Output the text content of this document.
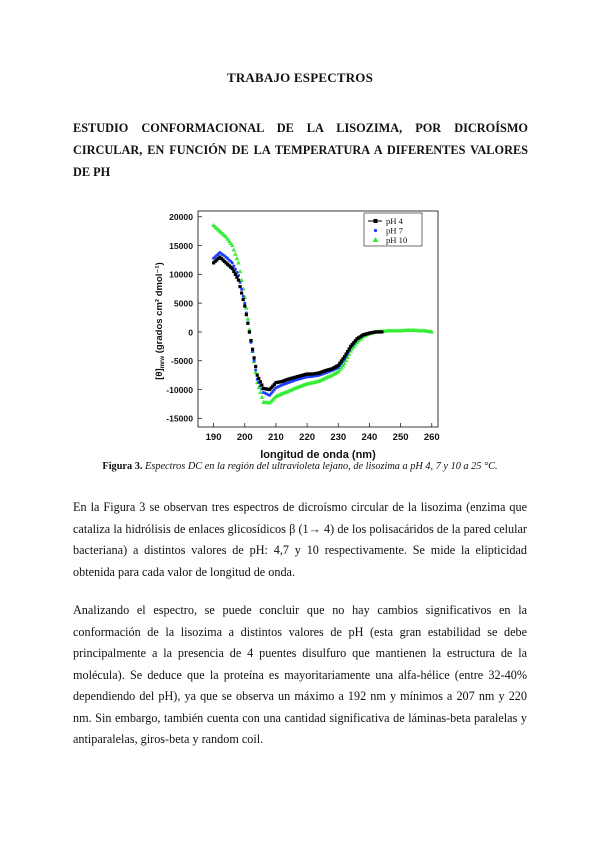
TRABAJO ESPECTROS
ESTUDIO CONFORMACIONAL DE LA LISOZIMA, POR DICROÍSMO CIRCULAR, EN FUNCIÓN DE LA TEMPERATURA A DIFERENTES VALORES DE PH
20000
15000
10000
5000
0
-5000
-10000
-15000
190 200 210 220 230 240 250 260
longitud de onda (nm)
$[\theta]_{mrw}$ (grados cm² dmol⁻¹)
pH 4
pH 7
pH 10
Figura 3. Espectros DC en la región del ultravioleta lejano, de lisozima a pH 4, 7 y 10 a 25 °C.
En la Figura 3 se observan tres espectros de dicroísmo circular de la lisozima (enzima que cataliza la hidrólisis de enlaces glicosídicos β (1→ 4) de los polisacáridos de la pared celular bacteriana) a distintos valores de pH: 4,7 y 10 respectivamente. Se mide la elipticidad obtenida para cada valor de longitud de onda.
Analizando el espectro, se puede concluir que no hay cambios significativos en la conformación de la lisozima a distintos valores de pH (esta gran estabilidad se debe principalmente a la presencia de 4 puentes disulfuro que mantienen la estructura de la molécula). Se deduce que la proteína es mayoritariamente una alfa-hélice (entre 32-40% dependiendo del pH), ya que se observa un máximo a 192 nm y mínimos a 207 nm y 220 nm. Sin embargo, también cuenta con una cantidad significativa de láminas-beta paralelas y antiparalelas, giros-beta y random coil.
